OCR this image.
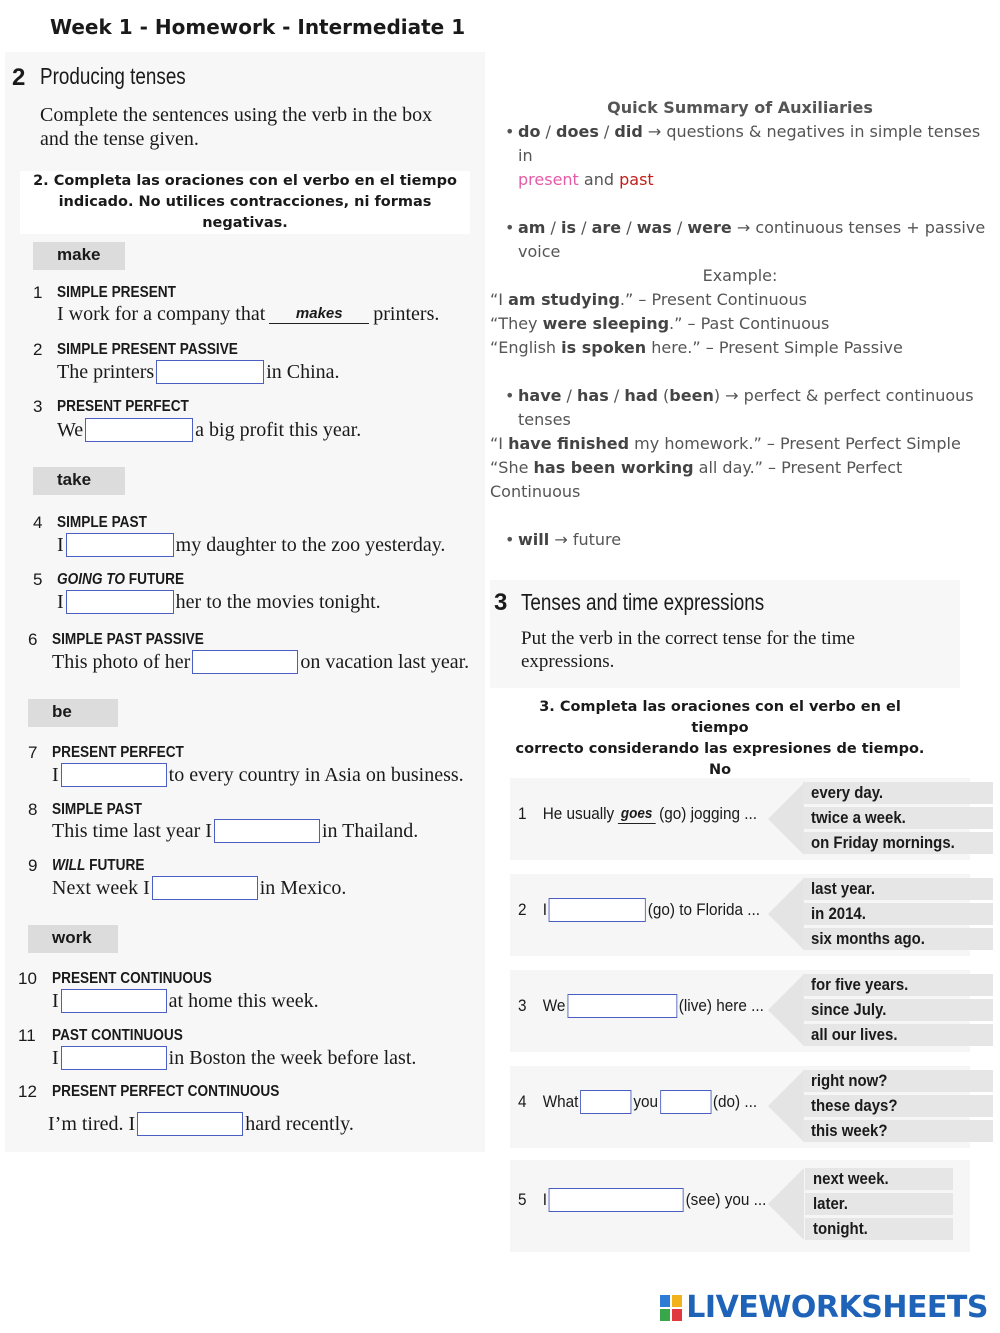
Week 1 - Homework - Intermediate 1
2 Producing tenses
Complete the sentences using the verb in the box
and the tense given.
2. Completa las oraciones con el verbo en el tiempo
indicado. No utilices contracciones, ni formas negativas.
make
take
be
work
1 SIMPLE PRESENT
I work for a company that	makes	printers.
2 SIMPLE PRESENT PASSIVE
The printers	in China.
3 PRESENT PERFECT
We	a big profit this year.
4 SIMPLE PAST
I	my daughter to the zoo yesterday.
5 GOING TO FUTURE
I	her to the movies tonight.
6 SIMPLE PAST PASSIVE
This photo of her	on vacation last year.
7 PRESENT PERFECT
I	to every country in Asia on business.
8 SIMPLE PAST
This time last year I	in Thailand.
9 WILL FUTURE
Next week I	in Mexico.
10 PRESENT CONTINUOUS
I	at home this week.
11 PAST CONTINUOUS
I	in Boston the week before last.
12 PRESENT PERFECT CONTINUOUS
I’m tired. I	hard recently.
Quick Summary of Auxiliaries
• do / does / did → questions & negatives in simple tenses in
present and past
• am / is / are / was / were → continuous tenses + passive
voice
Example:
“I am studying.” – Present Continuous
“They were sleeping.” – Past Continuous
“English is spoken here.” – Present Simple Passive
• have / has / had (been) → perfect & perfect continuous
tenses
“I have finished my homework.” – Present Perfect Simple
“She has been working all day.” – Present Perfect Continuous
• will → future
3 Tenses and time expressions
Put the verb in the correct tense for the time
expressions.
3. Completa las oraciones con el verbo en el tiempo
correcto considerando las expresiones de tiempo. No
1 He usually goes (go) jogging ...
every day.
twice a week.
on Friday mornings.
2 I	(go) to Florida ...
last year.
in 2014.
six months ago.
3 We	(live) here ...
for five years.
since July.
all our lives.
4 What	you	(do) ...
right now?
these days?
this week?
5 I	(see) you ...
next week.
later.
tonight.
LIVEWORKSHEETS
